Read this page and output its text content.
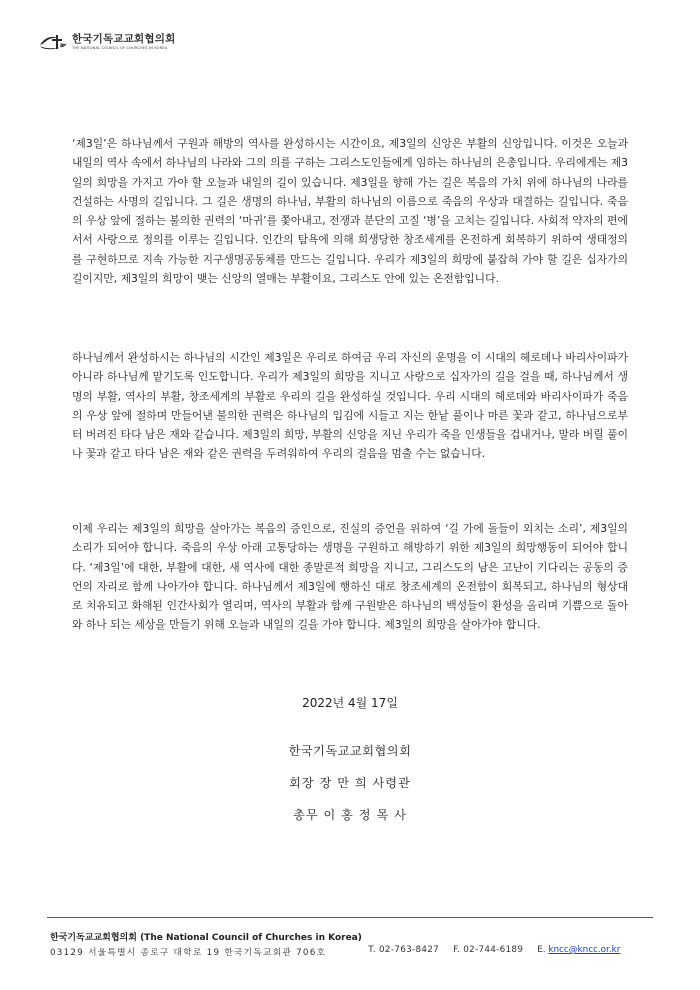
한국기독교교회협의회
THE NATIONAL COUNCIL OF CHURCHES IN KOREA

‘제3일’은 하나님께서 구원과 해방의 역사를 완성하시는 시간이요, 제3일의 신앙은 부활의 신앙입니다. 이것은 오늘과 내일의 역사 속에서 하나님의 나라와 그의 의를 구하는 그리스도인들에게 임하는 하나님의 은총입니다. 우리에게는 제3일의 희망을 가지고 가야 할 오늘과 내일의 길이 있습니다. 제3일을 향해 가는 길은 복음의 가치 위에 하나님의 나라를 건설하는 사명의 길입니다. 그 길은 생명의 하나님, 부활의 하나님의 이름으로 죽음의 우상과 대결하는 길입니다. 죽음의 우상 앞에 절하는 불의한 권력의 ‘마귀’를 쫓아내고, 전쟁과 분단의 고질 ‘병’을 고치는 길입니다. 사회적 약자의 편에 서서 사랑으로 정의를 이루는 길입니다. 인간의 탐욕에 의해 희생당한 창조세계를 온전하게 회복하기 위하여 생태정의를 구현하므로 지속 가능한 지구생명공동체를 만드는 길입니다. 우리가 제3일의 희망에 붙잡혀 가야 할 길은 십자가의 길이지만, 제3일의 희망이 맺는 신앙의 열매는 부활이요, 그리스도 안에 있는 온전함입니다.

하나님께서 완성하시는 하나님의 시간인 제3일은 우리로 하여금 우리 자신의 운명을 이 시대의 헤로데나 바리사이파가 아니라 하나님께 맡기도록 인도합니다. 우리가 제3일의 희망을 지니고 사랑으로 십자가의 길을 걸을 때, 하나님께서 생명의 부활, 역사의 부활, 창조세계의 부활로 우리의 길을 완성하실 것입니다. 우리 시대의 헤로데와 바리사이파가 죽음의 우상 앞에 절하며 만들어낸 불의한 권력은 하나님의 입김에 시들고 지는 한낱 풀이나 마른 꽃과 같고, 하나님으로부터 버려진 타다 남은 재와 같습니다. 제3일의 희망, 부활의 신앙을 지닌 우리가 죽을 인생들을 겁내거나, 말라 버릴 풀이나 꽃과 같고 타다 남은 재와 같은 권력을 두려워하여 우리의 걸음을 멈출 수는 없습니다.

이제 우리는 제3일의 희망을 살아가는 복음의 증인으로, 진실의 증언을 위하여 ‘길 가에 돌들이 외치는 소리’, 제3일의 소리가 되어야 합니다. 죽음의 우상 아래 고통당하는 생명을 구원하고 해방하기 위한 제3일의 희망행동이 되어야 합니다. ‘제3일’에 대한, 부활에 대한, 새 역사에 대한 종말론적 희망을 지니고, 그리스도의 남은 고난이 기다리는 공동의 증언의 자리로 함께 나아가야 합니다. 하나님께서 제3일에 행하신 대로 창조세계의 온전함이 회복되고, 하나님의 형상대로 치유되고 화해된 인간사회가 열리며, 역사의 부활과 함께 구원받은 하나님의 백성들이 환성을 올리며 기쁨으로 돌아와 하나 되는 세상을 만들기 위해 오늘과 내일의 길을 가야 합니다. 제3일의 희망을 살아가야 합니다.

2022년 4월 17일
한국기독교교회협의회
회장 장 만 희 사령관
총무 이 홍 정 목 사
한국기독교교회협의회 (The National Council of Churches in Korea)
03129 서울특별시 종로구 대학로 19 한국기독교회관 706호	T. 02-763-8427 F. 02-744-6189 E. kncc@kncc.or.kr
